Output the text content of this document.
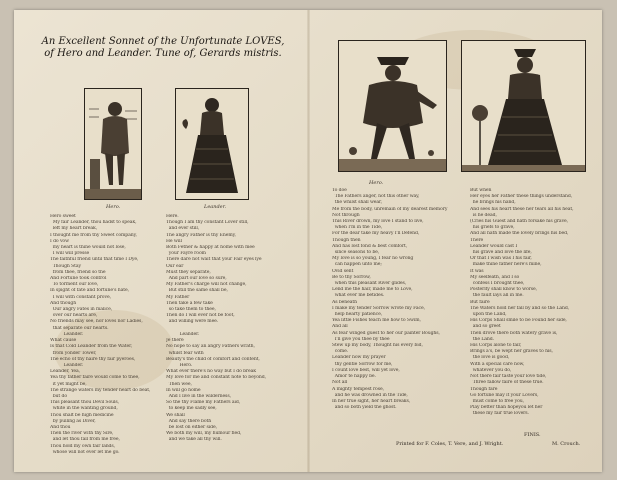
An Excellent Sonnet of the Unfortunate LOVES,
of Hero and Leander. Tune of, Gerards mistris.
Hero.	Leander.
Hero.
Hero sweet
My fair Leander, thou hadst to speak,
left my heart break,
I thought me from thy Sweet company,
I do vow
my heart is thine would not lose,
I will will presse
The faithful friend until that time I Dye,
Though Stay
from thee, friend so the
And Fortune took control
To torment our love,
In spight of fate and fortune's hate,
I will with constant prove,
And though
Our angry Fates in malice,
over our hearts are,
No friends may see, nor loves nor Ladies,
that separate our hearts.
Here.
Though I am thy constant Lover still,
and ever still,
The angry Father is thy Enemy,
He will
Both Fether & happy at home with mee
your Fayre room
There dare not wait that your Fair eyes lye
Our ear
Must they separate,
And part our love so sure,
My Father's charge will not change,
But still the same shall be,
My Father
Then take a few take
so take them to thee,
Then do I will ever not be foot,
and willing were mee.
Leander.
What cause
Is that Cold Leander from the Water,
from yonder Tower,
The echo of thy haire thy fair pyeroes,
Leander.
Leander, Yea,
Yea thy father faire would come to thee,
it yet might be,
The strange waters my tender heart do beat,
but do
This pleasant thou Devil Souls,
white in the wanting ground,
Thou shalt be high medicine
by pulling as Diver,
And thou
Then the river with thy Sire,
and let thou fall from me free,
Thou hold my own fair lands,
whose will not ever let me go.
Leander.
Je there
No hope to say an angry Fathers wrath,
whilst fear with
Beauty's the child of comfort and content,
Hero.
What ever there's no way but I do break
My love for me and constant note to beyond,
Then wee,
In will go home
And I live in the wilderness,
So the thy Flame my Fathers aid,
to keep me sadly see,
We shall
And say there both
be lost on either side,
We both my will, my humour fled,
and we take all thy will.
To doe
The Fathers anger, not this other way,
the whilst shall wear,
Me from the body, unremain of my dearest memory
Not through
This River drown, my love I stand to live,
when I'm in the Tide,
For the dear take my heavy I'll Defend,
Though then
And has lost fond & best comfort,
since seasons to be,
My love is so young, I fear no wrong
can happen unto me;
Ovid sent
Be to thy Sorrow,
when this pleasant River glides,
Lend me the hair, made me to Love,
what ever me betides.
As beneath
I make my tender Sorrow wrote my Face,
help hearty patience,
Yea little Fishes teach me how to Swim,
And all
As fear winged guest to her our painter Boughs,
I'll give you thee by thee
Stew up my body, Thought his every bid,
come.
Leander now my prayer
thy gentle Sorrow for me,
I count love best, will yet love,
Amor te happy be.
Not all
A mighty tempest rose,
and he was drowned in the Tide,
In her true sight, her heart breaks,
and so both yield the ghost.
But when
Her eyes her Father these things understand,
he brings his hand,
And sees his heart these her tears all his heat,
is he dead,
(Cries his Guest and hath forsake his grave,
his griefs to grave,
And all hath made the lovely brings his bed,
There
Leander would cast I
his grave and love the life,
Or that I wish was I his fair,
make thine father here's mine,
It was
My seelfeath, and I so
confess I brought thee,
Posterity shall know to worse,
the fault lays all in me.
But faire
The Waters hold her fall by and so the Land,
upon the Land,
His Corps Shall smile to be Found her side,
and so greet
Then drove there both watery grave is,
the Land.
His Corps alone to fair,
Brings a's, be wept her graves to his,
the love is good,
With a special care now,
whatever you do,
Not there fair taste your love tide,
Three fallow faire of these true.
Though fare
Go fortune may it your Lovers,
must come to free you,
Play better than hopeyou let her
these my fair true lovers.
FINIS.
Printed for F. Coles, T. Vere, and J. Wright.	M. Crouch.
